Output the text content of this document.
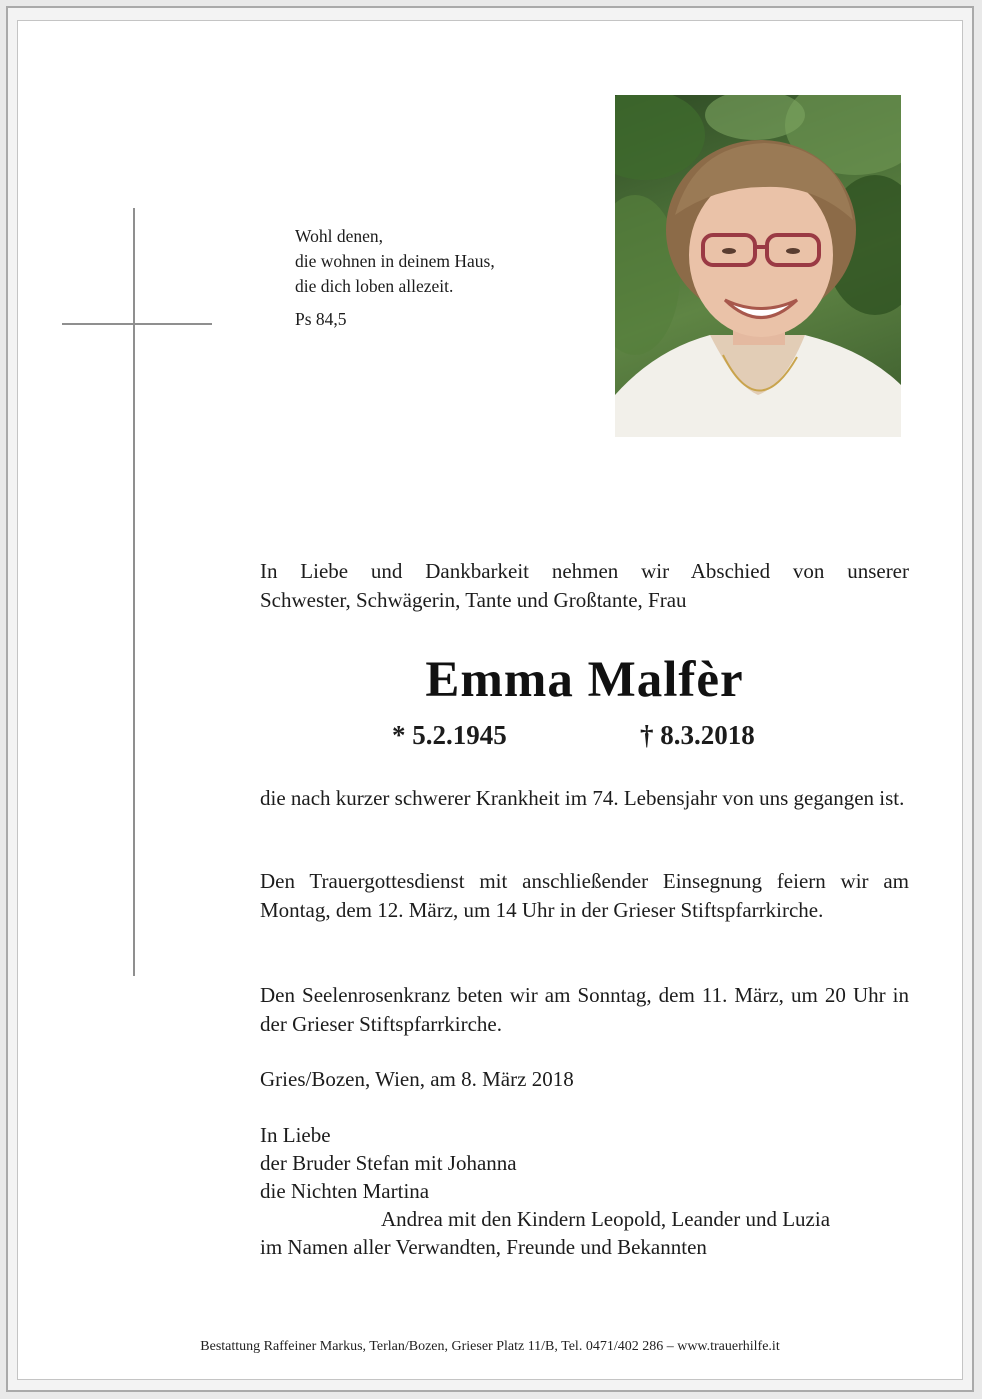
Wohl denen,
die wohnen in deinem Haus,
die dich loben allezeit.
Ps 84,5
In Liebe und Dankbarkeit nehmen wir Abschied von unserer
Schwester, Schwägerin, Tante und Großtante, Frau
Emma Malfèr
* 5.2.1945	† 8.3.2018
die nach kurzer schwerer Krankheit im 74. Lebensjahr von uns gegangen ist.
Den Trauergottesdienst mit anschließender Einsegnung feiern wir am Montag, dem 12. März, um 14 Uhr in der Grieser Stiftspfarrkirche.
Den Seelenrosenkranz beten wir am Sonntag, dem 11. März, um 20 Uhr in der Grieser Stiftspfarrkirche.
Gries/Bozen, Wien, am 8. März 2018
In Liebe
der Bruder Stefan mit Johanna
die Nichten Martina
Andrea mit den Kindern Leopold, Leander und Luzia
im Namen aller Verwandten, Freunde und Bekannten
Bestattung Raffeiner Markus, Terlan/Bozen, Grieser Platz 11/B, Tel. 0471/402 286 – www.trauerhilfe.it
